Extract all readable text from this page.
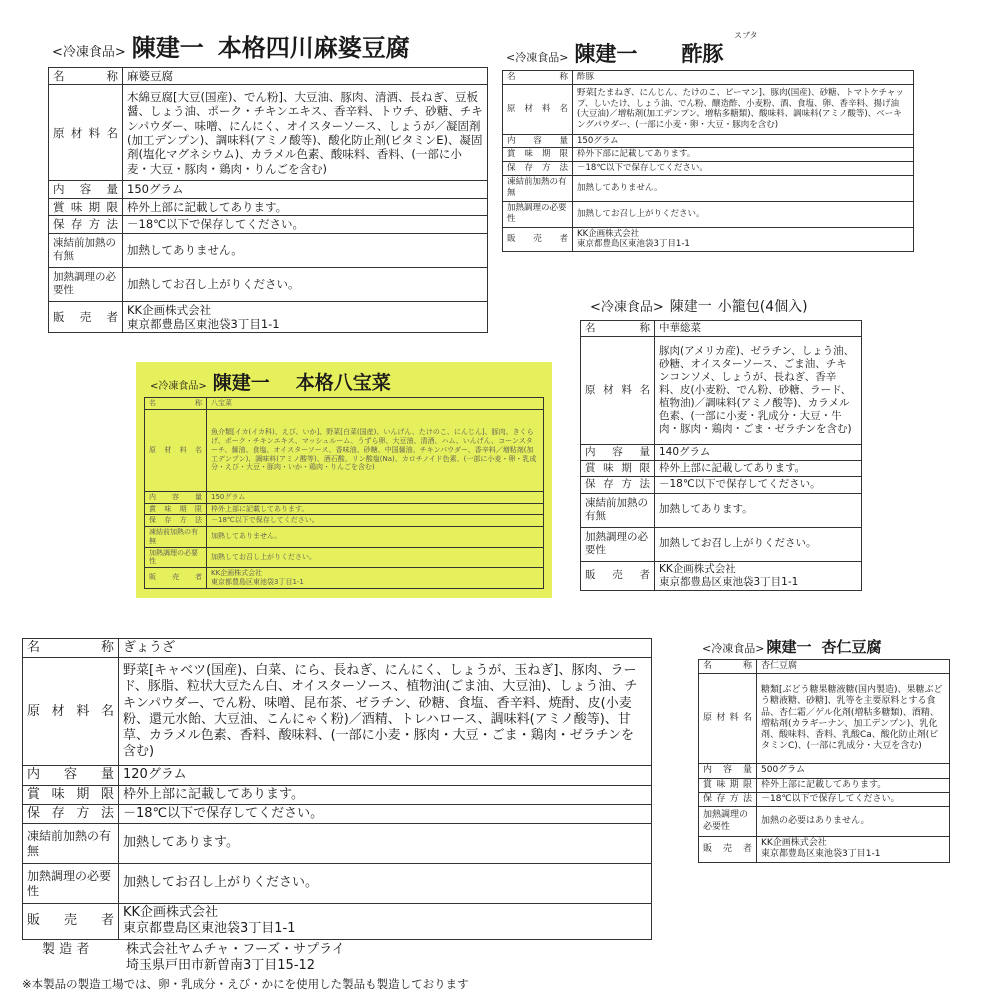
<冷凍食品> 陳建一 本格四川麻婆豆腐
名　　称	麻婆豆腐
原材料名	木綿豆腐[大豆(国産)、でん粉]、大豆油、豚肉、清酒、長ねぎ、豆板醤、しょう油、ポーク・チキンエキス、香辛料、トウチ、砂糖、チキンパウダー、味噌、にんにく、オイスターソース、しょうが／凝固剤(加工デンプン)、調味料(アミノ酸等)、酸化防止剤(ビタミンE)、凝固剤(塩化マグネシウム)、カラメル色素、酸味料、香料、(一部に小麦・大豆・豚肉・鶏肉・りんごを含む)
内 容 量	150グラム
賞味期限	枠外上部に記載してあります。
保存方法	－18℃以下で保存してください。
凍結前加熱の有無	加熱してありません。
加熱調理の必要性	加熱してお召し上がりください。
販 売 者	KK企画株式会社
東京都豊島区東池袋3丁目1-1
スブタ
<冷凍食品> 陳建一 酢豚
名　　称	酢豚
原材料名	野菜[たまねぎ、にんじん、たけのこ、ピーマン]、豚肉(国産)、砂糖、トマトケチャップ、しいたけ、しょう油、でん粉、醸造酢、小麦粉、酒、食塩、卵、香辛料、揚げ油(大豆油)／増粘剤(加工デンプン、増粘多糖類)、酸味料、調味料(アミノ酸等)、ベーキングパウダー、(一部に小麦・卵・大豆・豚肉を含む)
内 容 量	150グラム
賞味期限	枠外下部に記載してあります。
保存方法	－18℃以下で保存してください。
凍結前加熱の有無	加熱してありません。
加熱調理の必要性	加熱してお召し上がりください。
販 売 者	KK企画株式会社
東京都豊島区東池袋3丁目1-1
<冷凍食品> 陳建一 小籠包(4個入)
名　　称	中華総菜
原材料名	豚肉(アメリカ産)、ゼラチン、しょう油、砂糖、オイスターソース、ごま油、チキンコンソメ、しょうが、長ねぎ、香辛料、皮(小麦粉、でん粉、砂糖、ラード、植物油)／調味料(アミノ酸等)、カラメル色素、(一部に小麦・乳成分・大豆・牛肉・豚肉・鶏肉・ごま・ゼラチンを含む)
内 容 量	140グラム
賞味期限	枠外上部に記載してあります。
保存方法	－18℃以下で保存してください。
凍結前加熱の有無	加熱してあります。
加熱調理の必要性	加熱してお召し上がりください。
販 売 者	KK企画株式会社
東京都豊島区東池袋3丁目1-1
<冷凍食品> 陳建一 本格八宝菜
名　　称	八宝菜
原材料名	魚介類[イカ(イカ科)、えび、いか]、野菜[白菜(国産)、いんげん、たけのこ、にんじん]、豚肉、きくらげ、ポーク・チキンエキス、マッシュルーム、うずら卵、大豆油、清酒、ハム、いんげん、コーンスターチ、醤油、食塩、オイスターソース、香味油、砂糖、中国醤油、チキンパウダー、香辛料／増粘剤(加工デンプン)、調味料(アミノ酸等)、酒石酸、リン酸塩(Na)、カロチノイド色素、(一部に小麦・卵・乳成分・えび・大豆・豚肉・いか・鶏肉・りんごを含む)
内 容 量	150グラム
賞味期限	枠外上部に記載してあります。
保存方法	－18℃以下で保存してください。
凍結前加熱の有無	加熱してありません。
加熱調理の必要性	加熱してお召し上がりください。
販 売 者	KK企画株式会社
東京都豊島区東池袋3丁目1-1
名　　称	ぎょうざ
原材料名	野菜[キャベツ(国産)、白菜、にら、長ねぎ、にんにく、しょうが、玉ねぎ]、豚肉、ラード、豚脂、粒状大豆たん白、オイスターソース、植物油(ごま油、大豆油)、しょう油、チキンパウダー、でん粉、味噌、昆布茶、ゼラチン、砂糖、食塩、香辛料、焼酎、皮(小麦粉、還元水飴、大豆油、こんにゃく粉)／酒精、トレハロース、調味料(アミノ酸等)、甘草、カラメル色素、香料、酸味料、(一部に小麦・豚肉・大豆・ごま・鶏肉・ゼラチンを含む)
内 容 量	120グラム
賞味期限	枠外上部に記載してあります。
保存方法	－18℃以下で保存してください。
凍結前加熱の有無	加熱してあります。
加熱調理の必要性	加熱してお召し上がりください。
販 売 者	KK企画株式会社
東京都豊島区東池袋3丁目1-1
製 造 者	株式会社ヤムチャ・フーズ・サプライ
埼玉県戸田市新曽南3丁目15-12
※本製品の製造工場では、卵・乳成分・えび・かにを使用した製品も製造しております
<冷凍食品> 陳建一 杏仁豆腐
名　　称	杏仁豆腐
原材料名	糖類[ぶどう糖果糖液糖(国内製造)、果糖ぶどう糖液糖、砂糖]、乳等を主要原料とする食品、杏仁霜／ゲル化剤(増粘多糖類)、酒精、増粘剤(カラギーナン、加工デンプン)、乳化剤、酸味料、香料、乳酸Ca、酸化防止剤(ビタミンC)、(一部に乳成分・大豆を含む)
内 容 量	500グラム
賞味期限	枠外上部に記載してあります。
保存方法	－18℃以下で保存してください。
加熱調理の必要性	加熱の必要はありません。
販 売 者	KK企画株式会社
東京都豊島区東池袋3丁目1-1
